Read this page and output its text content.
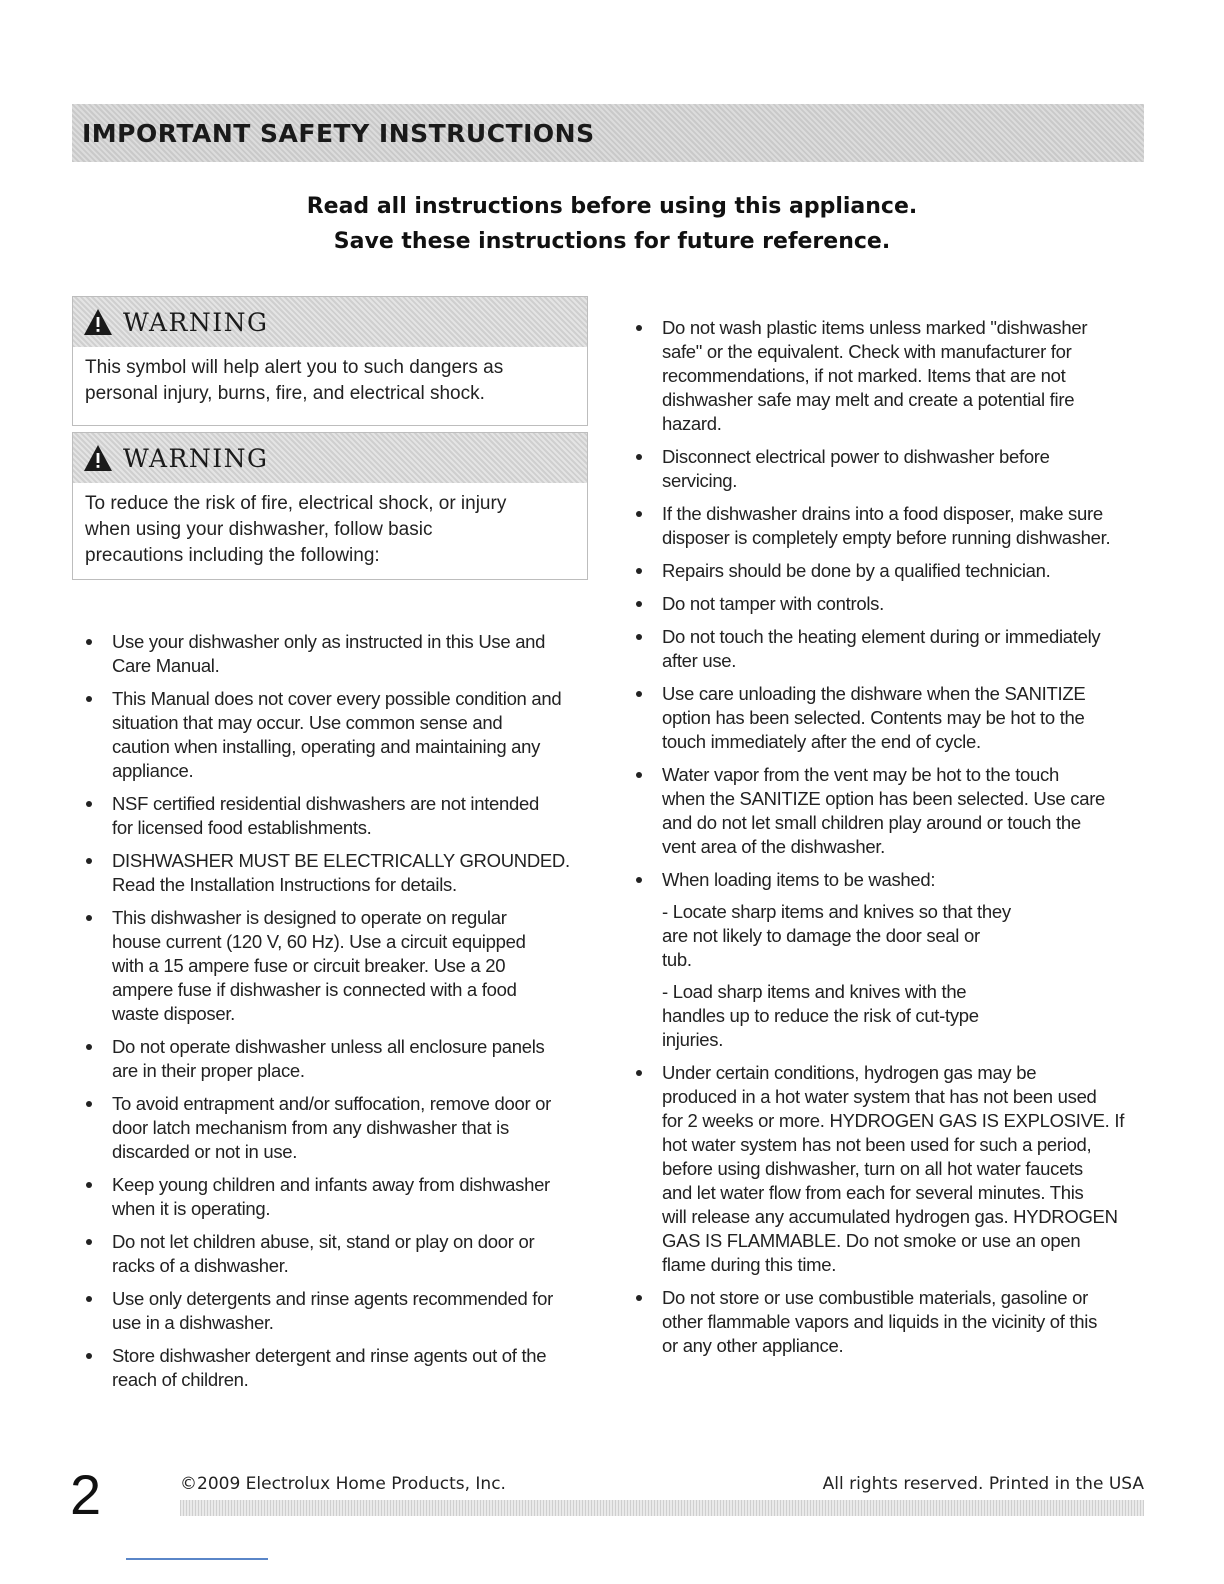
IMPORTANT SAFETY INSTRUCTIONS
Read all instructions before using this appliance.
Save these instructions for future reference.
WARNING
This symbol will help alert you to such dangers as
personal injury, burns, fire, and electrical shock.
WARNING
To reduce the risk of fire, electrical shock, or injury
when using your dishwasher, follow basic
precautions including the following:
Use your dishwasher only as instructed in this Use and
Care Manual.
This Manual does not cover every possible condition and
situation that may occur. Use common sense and
caution when installing, operating and maintaining any
appliance.
NSF certified residential dishwashers are not intended
for licensed food establishments.
DISHWASHER MUST BE ELECTRICALLY GROUNDED.
Read the Installation Instructions for details.
This dishwasher is designed to operate on regular
house current (120 V, 60 Hz). Use a circuit equipped
with a 15 ampere fuse or circuit breaker. Use a 20
ampere fuse if dishwasher is connected with a food
waste disposer.
Do not operate dishwasher unless all enclosure panels
are in their proper place.
To avoid entrapment and/or suffocation, remove door or
door latch mechanism from any dishwasher that is
discarded or not in use.
Keep young children and infants away from dishwasher
when it is operating.
Do not let children abuse, sit, stand or play on door or
racks of a dishwasher.
Use only detergents and rinse agents recommended for
use in a dishwasher.
Store dishwasher detergent and rinse agents out of the
reach of children.
Do not wash plastic items unless marked "dishwasher
safe" or the equivalent. Check with manufacturer for
recommendations, if not marked. Items that are not
dishwasher safe may melt and create a potential fire
hazard.
Disconnect electrical power to dishwasher before
servicing.
If the dishwasher drains into a food disposer, make sure
disposer is completely empty before running dishwasher.
Repairs should be done by a qualified technician.
Do not tamper with controls.
Do not touch the heating element during or immediately
after use.
Use care unloading the dishware when the SANITIZE
option has been selected. Contents may be hot to the
touch immediately after the end of cycle.
Water vapor from the vent may be hot to the touch
when the SANITIZE option has been selected. Use care
and do not let small children play around or touch the
vent area of the dishwasher.
When loading items to be washed:
- Locate sharp items and knives so that they
are not likely to damage the door seal or
tub.
- Load sharp items and knives with the
handles up to reduce the risk of cut-type
injuries.
Under certain conditions, hydrogen gas may be
produced in a hot water system that has not been used
for 2 weeks or more. HYDROGEN GAS IS EXPLOSIVE. If
hot water system has not been used for such a period,
before using dishwasher, turn on all hot water faucets
and let water flow from each for several minutes. This
will release any accumulated hydrogen gas. HYDROGEN
GAS IS FLAMMABLE. Do not smoke or use an open
flame during this time.
Do not store or use combustible materials, gasoline or
other flammable vapors and liquids in the vicinity of this
or any other appliance.
2	©2009 Electrolux Home Products, Inc.	All rights reserved. Printed in the USA
